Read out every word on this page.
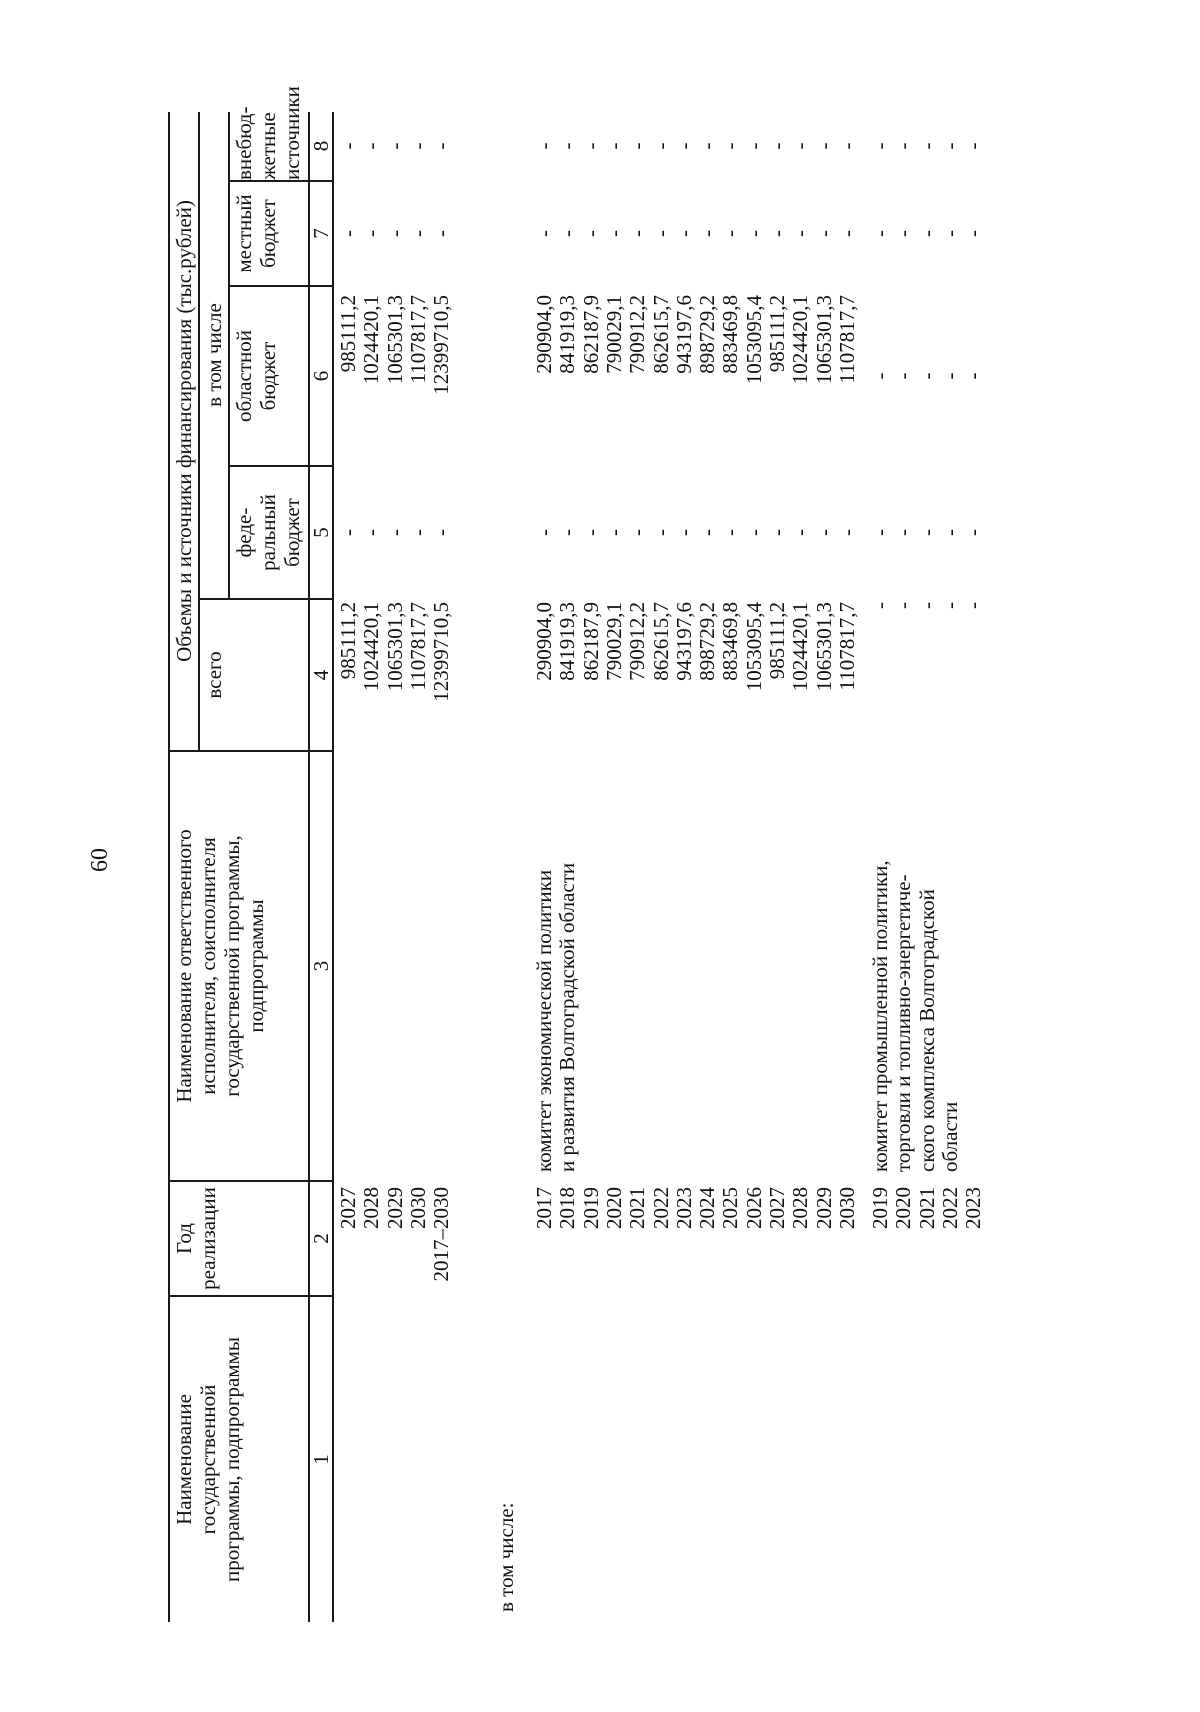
60
Наименование государственной программы, подпрограммы
Год реализации
Наименование ответственного исполнителя, соисполнителя государственной программы, подпрограммы
Объемы и источники финансирования (тыс.рублей)
всего
в том числе
феде- ральный бюджет
областной бюджет
местный бюджет
внебюд- жетные источники
1
2
3
4
5
6
7
8
в том числе:
2027
985111,2
-
985111,2
-
-
2028
1024420,1
-
1024420,1
-
-
2029
1065301,3
-
1065301,3
-
-
2030
1107817,7
-
1107817,7
-
-
2017–2030
12399710,5
-
12399710,5
-
-
2017
290904,0
-
290904,0
-
-
2018
841919,3
-
841919,3
-
-
2019
862187,9
-
862187,9
-
-
2020
790029,1
-
790029,1
-
-
2021
790912,2
-
790912,2
-
-
2022
862615,7
-
862615,7
-
-
2023
943197,6
-
943197,6
-
-
2024
898729,2
-
898729,2
-
-
2025
883469,8
-
883469,8
-
-
2026
1053095,4
-
1053095,4
-
-
2027
985111,2
-
985111,2
-
-
2028
1024420,1
-
1024420,1
-
-
2029
1065301,3
-
1065301,3
-
-
2030
1107817,7
-
1107817,7
-
-
комитет экономической политики и развития Волгоградской области
2019
-
-
-
-
-
2020
-
-
-
-
-
2021
-
-
-
-
-
2022
-
-
-
-
-
2023
-
-
-
-
-
комитет промышленной политики, торговли и топливно-энергетиче- ского комплекса Волгоградской области
